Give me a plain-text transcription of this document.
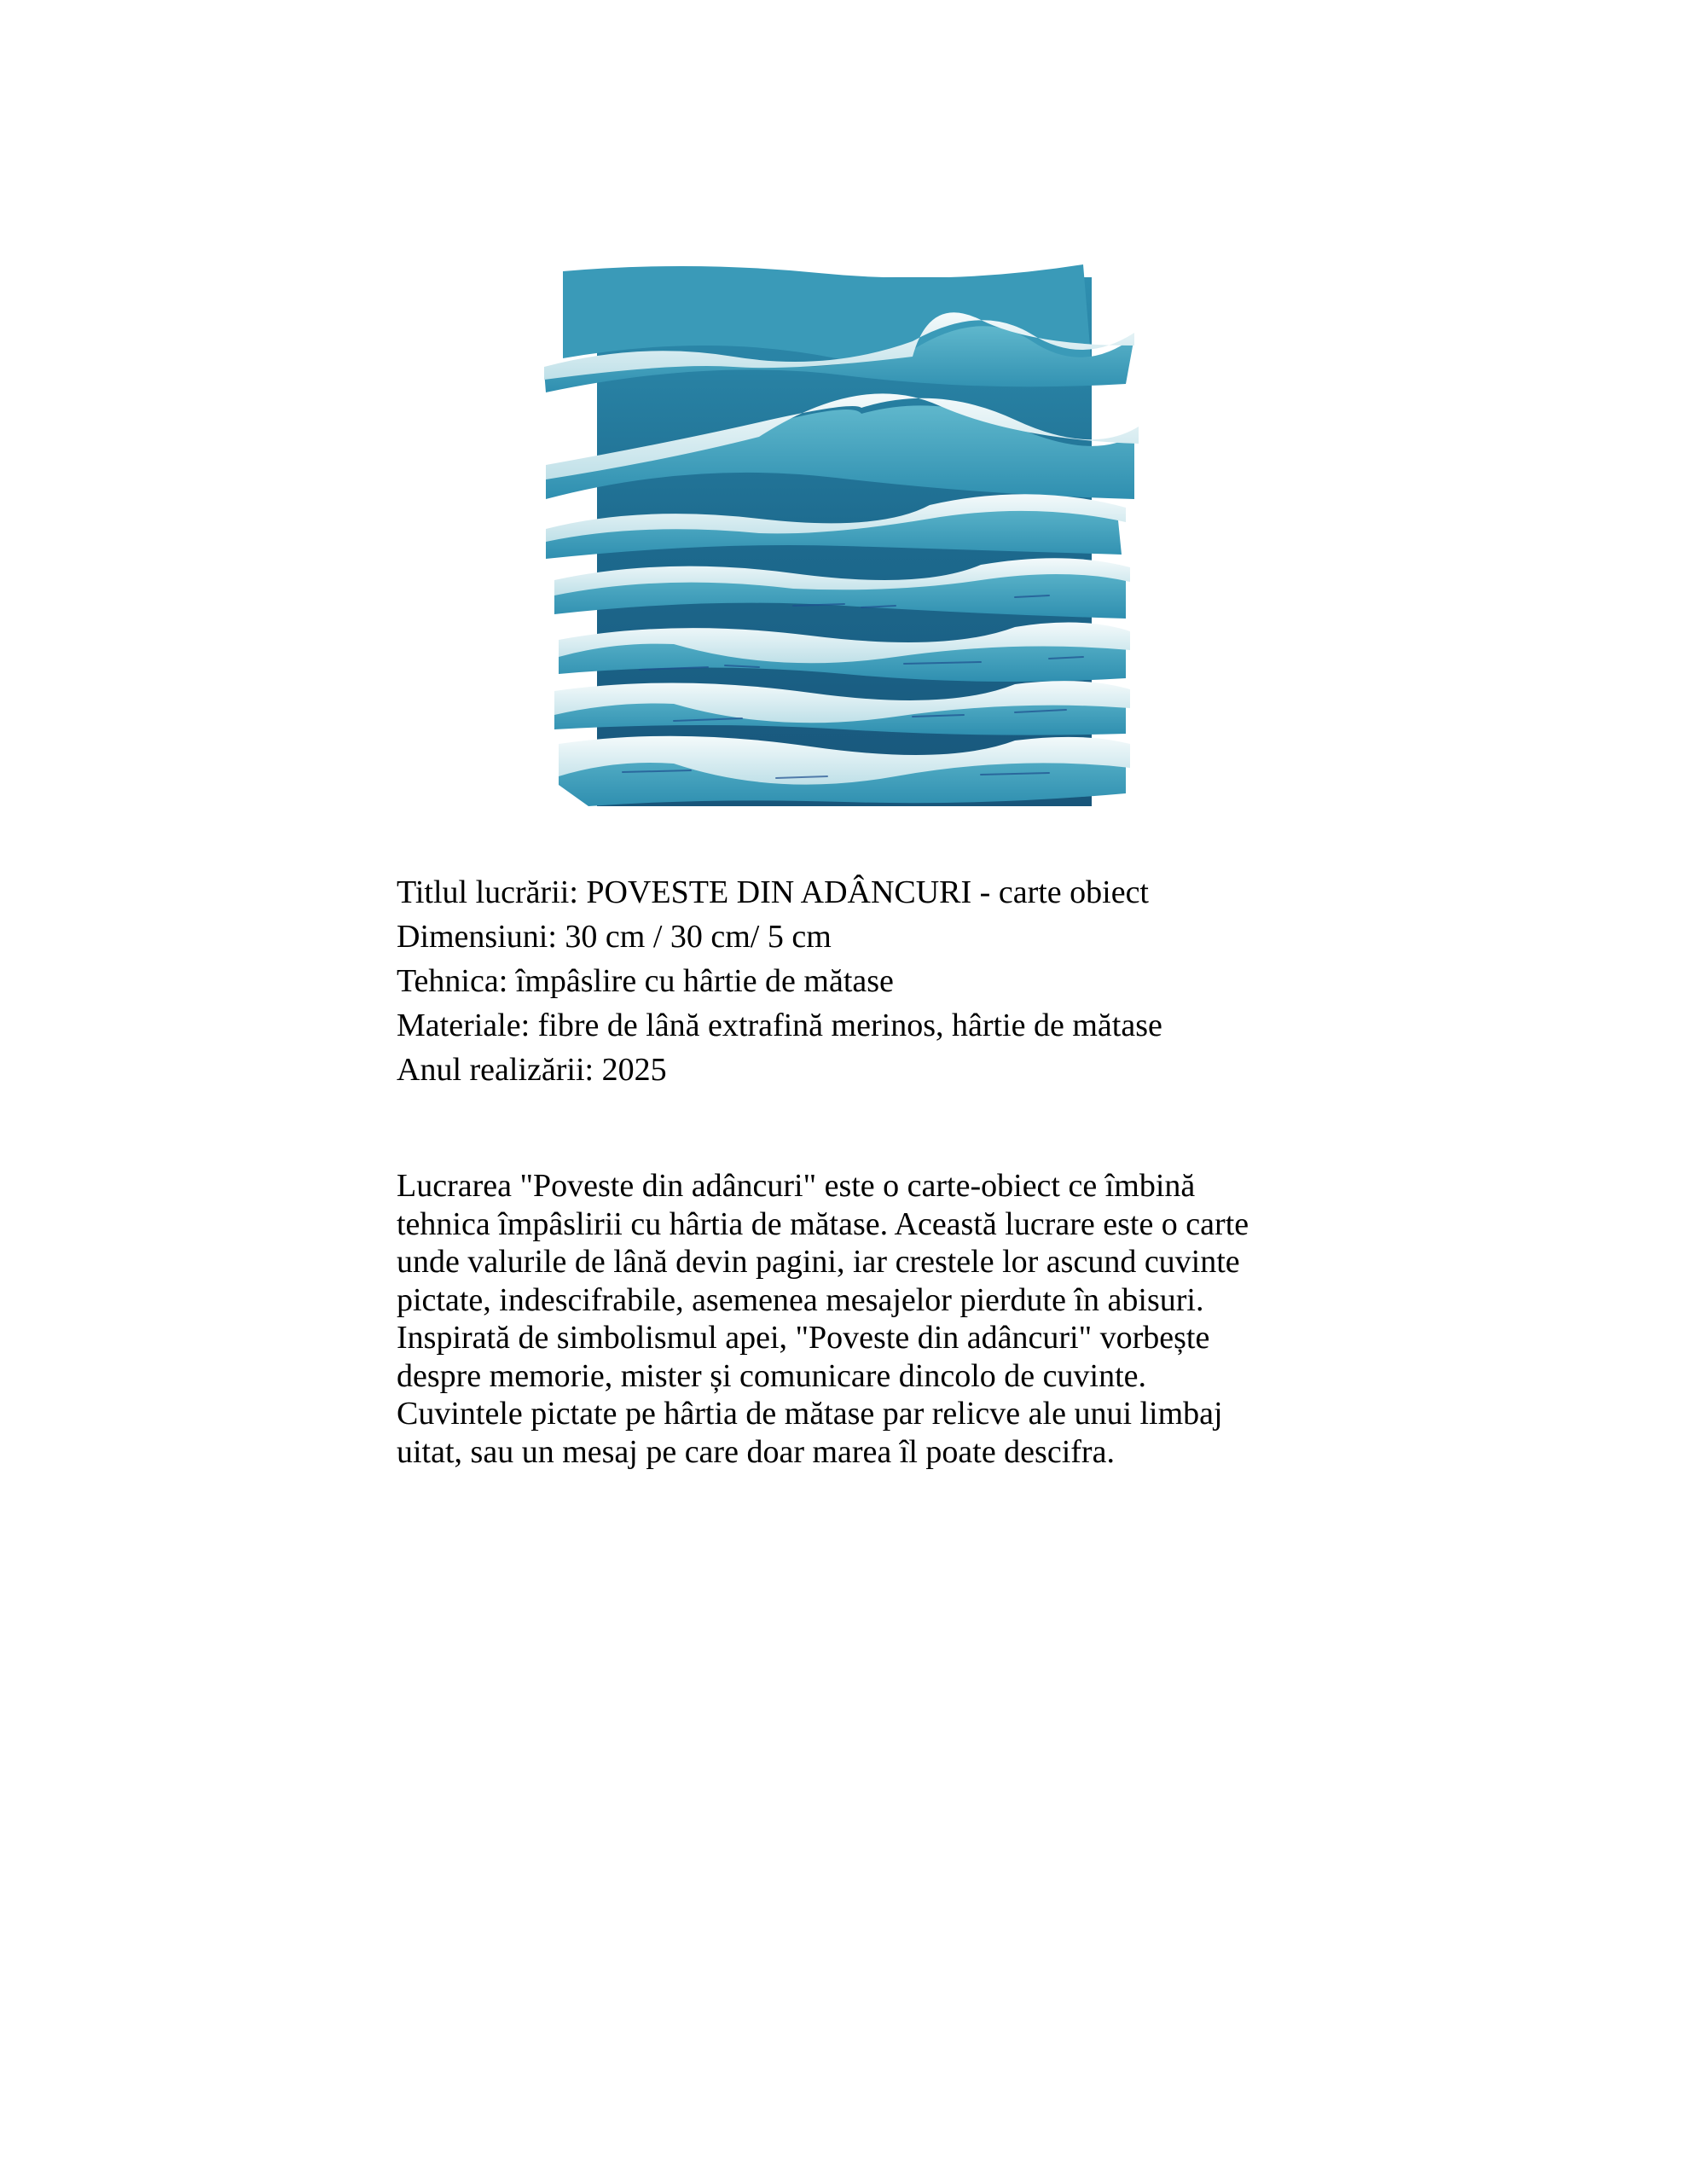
Titlul lucrării: POVESTE DIN ADÂNCURI - carte obiect
Dimensiuni: 30 cm / 30 cm/ 5 cm
Tehnica: împâslire cu hârtie de mătase
Materiale: fibre de lână extrafină merinos, hârtie de mătase
Anul realizării: 2025
Lucrarea "Poveste din adâncuri" este o carte-obiect ce îmbină
tehnica împâslirii cu hârtia de mătase. Această lucrare este o carte
unde valurile de lână devin pagini, iar crestele lor ascund cuvinte
pictate, indescifrabile, asemenea mesajelor pierdute în abisuri.
Inspirată de simbolismul apei, "Poveste din adâncuri" vorbește
despre memorie, mister și comunicare dincolo de cuvinte.
Cuvintele pictate pe hârtia de mătase par relicve ale unui limbaj
uitat, sau un mesaj pe care doar marea îl poate descifra.
